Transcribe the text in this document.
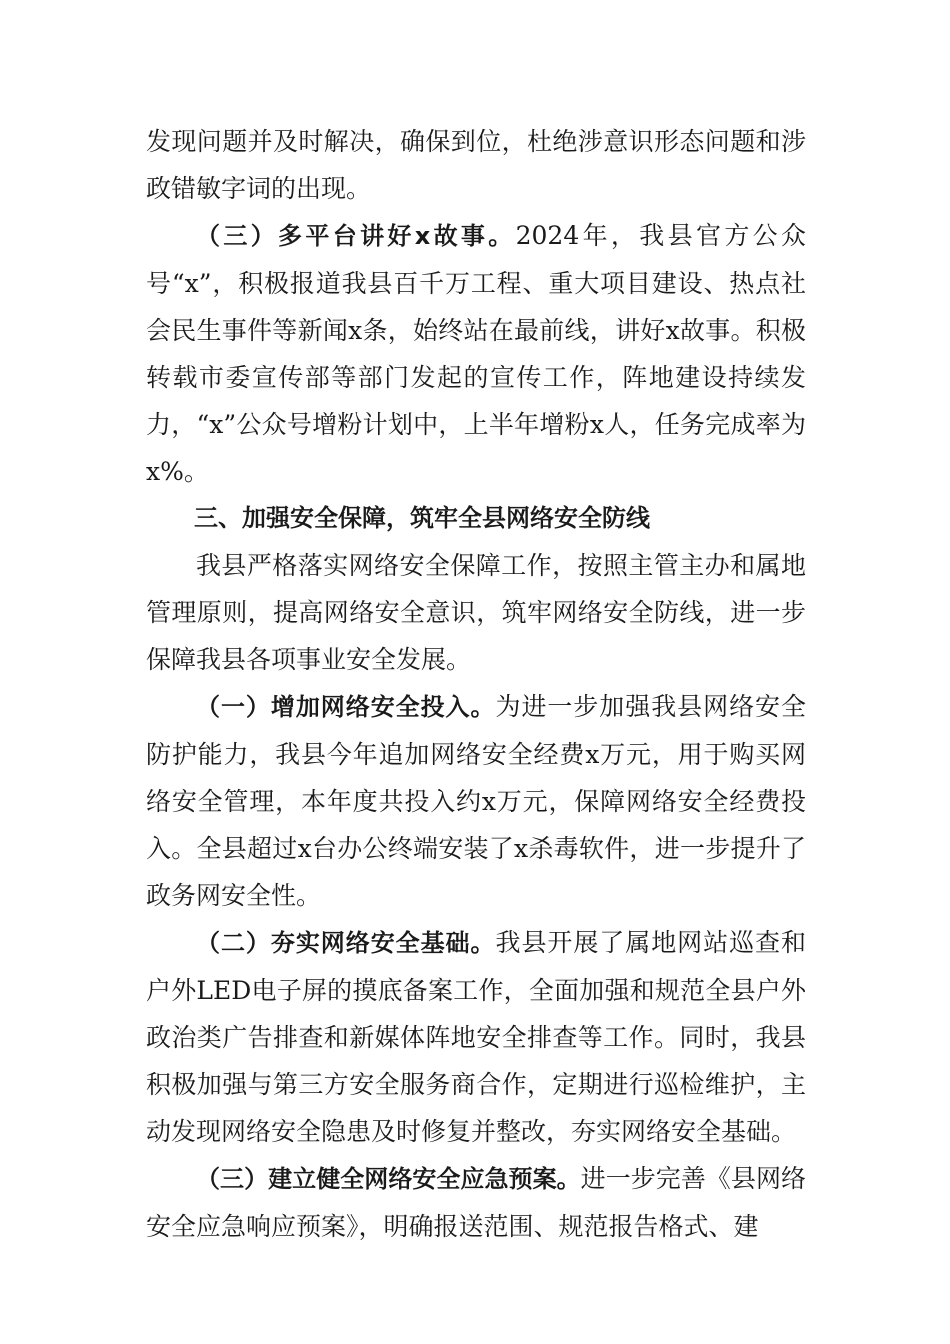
发现问题并及时解决，确保到位，杜绝涉意识形态问题和涉政错敏字词的出现。

（三）多平台讲好x故事。2024年，我县官方公众号“x”，积极报道我县百千万工程、重大项目建设、热点社会民生事件等新闻x条，始终站在最前线，讲好x故事。积极转载市委宣传部等部门发起的宣传工作，阵地建设持续发力，“x”公众号增粉计划中，上半年增粉x人，任务完成率为x%。

三、加强安全保障，筑牢全县网络安全防线

我县严格落实网络安全保障工作，按照主管主办和属地管理原则，提高网络安全意识，筑牢网络安全防线，进一步保障我县各项事业安全发展。

（一）增加网络安全投入。为进一步加强我县网络安全防护能力，我县今年追加网络安全经费x万元，用于购买网络安全管理，本年度共投入约x万元，保障网络安全经费投入。全县超过x台办公终端安装了x杀毒软件，进一步提升了政务网安全性。

（二）夯实网络安全基础。我县开展了属地网站巡查和户外LED电子屏的摸底备案工作，全面加强和规范全县户外政治类广告排查和新媒体阵地安全排查等工作。同时，我县积极加强与第三方安全服务商合作，定期进行巡检维护，主动发现网络安全隐患及时修复并整改，夯实网络安全基础。

（三）建立健全网络安全应急预案。进一步完善《县网络安全应急响应预案》，明确报送范围、规范报告格式、建
